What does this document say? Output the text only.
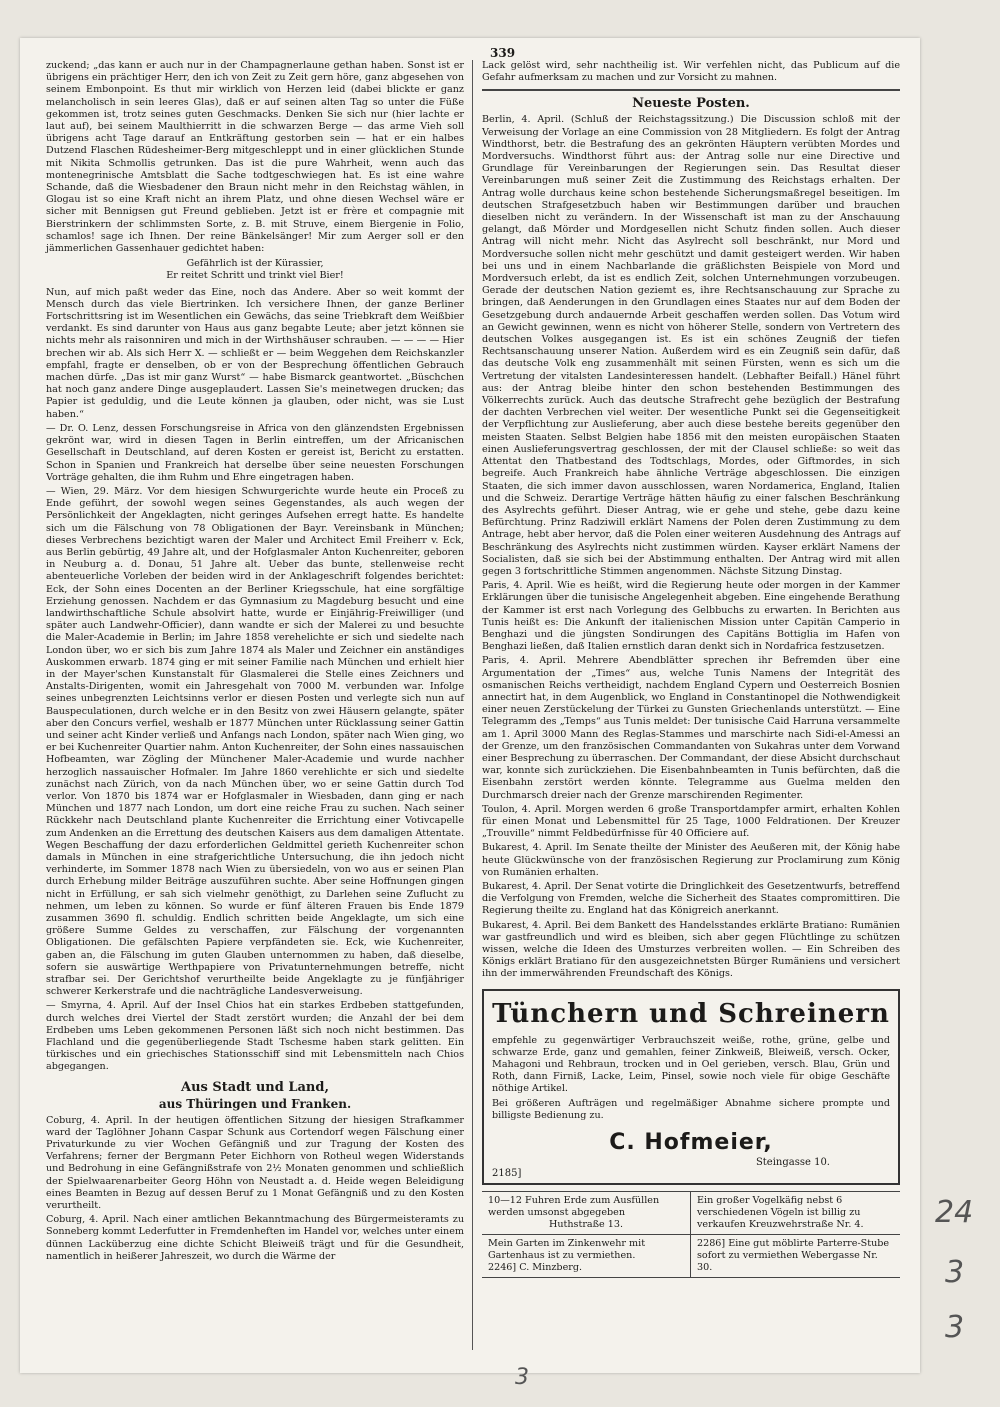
339

zuckend; „das kann er auch nur in der Champagnerlaune gethan haben. Sonst ist er übrigens ein prächtiger Herr, den ich von Zeit zu Zeit gern höre, ganz abgesehen von seinem Embonpoint. Es thut mir wirklich von Herzen leid (dabei blickte er ganz melancholisch in sein leeres Glas), daß er auf seinen alten Tag so unter die Füße gekommen ist, trotz seines guten Geschmacks. Denken Sie sich nur (hier lachte er laut auf), bei seinem Maulthierritt in die schwarzen Berge — das arme Vieh soll übrigens acht Tage darauf an Entkräftung gestorben sein — hat er ein halbes Dutzend Flaschen Rüdesheimer-Berg mitgeschleppt und in einer glücklichen Stunde mit Nikita Schmollis getrunken. Das ist die pure Wahrheit, wenn auch das montenegrinische Amtsblatt die Sache todtgeschwiegen hat. Es ist eine wahre Schande, daß die Wiesbadener den Braun nicht mehr in den Reichstag wählen, in Glogau ist so eine Kraft nicht an ihrem Platz, und ohne diesen Wechsel wäre er sicher mit Bennigsen gut Freund geblieben. Jetzt ist er frère et compagnie mit Bierstrinkern der schlimmsten Sorte, z. B. mit Struve, einem Biergenie in Folio, schamlos! sage ich Ihnen. Der reine Bänkelsänger! Mir zum Aerger soll er den jämmerlichen Gassenhauer gedichtet haben:

Gefährlich ist der Kürassier,
Er reitet Schritt und trinkt viel Bier!

Nun, auf mich paßt weder das Eine, noch das Andere. Aber so weit kommt der Mensch durch das viele Biertrinken. Ich versichere Ihnen, der ganze Berliner Fortschrittsring ist im Wesentlichen ein Gewächs, das seine Triebkraft dem Weißbier verdankt. Es sind darunter von Haus aus ganz begabte Leute; aber jetzt können sie nichts mehr als raisonniren und mich in der Wirthshäuser schrauben. — — — — Hier brechen wir ab. Als sich Herr X. — schließt er — beim Weggehen dem Reichskanzler empfahl, fragte er denselben, ob er von der Besprechung öffentlichen Gebrauch machen dürfe. „Das ist mir ganz Wurst“ — habe Bismarck geantwortet. „Büschchen hat noch ganz andere Dinge ausgeplaudert. Lassen Sie's meinetwegen drucken; das Papier ist geduldig, und die Leute können ja glauben, oder nicht, was sie Lust haben.“

— Dr. O. Lenz, dessen Forschungsreise in Africa von den glänzendsten Ergebnissen gekrönt war, wird in diesen Tagen in Berlin eintreffen, um der Africanischen Gesellschaft in Deutschland, auf deren Kosten er gereist ist, Bericht zu erstatten. Schon in Spanien und Frankreich hat derselbe über seine neuesten Forschungen Vorträge gehalten, die ihm Ruhm und Ehre eingetragen haben.

— Wien, 29. März. Vor dem hiesigen Schwurgerichte wurde heute ein Proceß zu Ende geführt, der sowohl wegen seines Gegenstandes, als auch wegen der Persönlichkeit der Angeklagten, nicht geringes Aufsehen erregt hatte. Es handelte sich um die Fälschung von 78 Obligationen der Bayr. Vereinsbank in München; dieses Verbrechens bezichtigt waren der Maler und Architect Emil Freiherr v. Eck, aus Berlin gebürtig, 49 Jahre alt, und der Hofglasmaler Anton Kuchenreiter, geboren in Neuburg a. d. Donau, 51 Jahre alt. Ueber das bunte, stellenweise recht abenteuerliche Vorleben der beiden wird in der Anklageschrift folgendes berichtet: Eck, der Sohn eines Docenten an der Berliner Kriegsschule, hat eine sorgfältige Erziehung genossen. Nachdem er das Gymnasium zu Magdeburg besucht und eine landwirthschaftliche Schule absolvirt hatte, wurde er Einjährig-Freiwilliger (und später auch Landwehr-Officier), dann wandte er sich der Malerei zu und besuchte die Maler-Academie in Berlin; im Jahre 1858 verehelichte er sich und siedelte nach London über, wo er sich bis zum Jahre 1874 als Maler und Zeichner ein anständiges Auskommen erwarb. 1874 ging er mit seiner Familie nach München und erhielt hier in der Mayer'schen Kunstanstalt für Glasmalerei die Stelle eines Zeichners und Anstalts-Dirigenten, womit ein Jahresgehalt von 7000 M. verbunden war. Infolge seines unbegrenzten Leichtsinns verlor er diesen Posten und verlegte sich nun auf Bauspeculationen, durch welche er in den Besitz von zwei Häusern gelangte, später aber den Concurs verfiel, weshalb er 1877 München unter Rücklassung seiner Gattin und seiner acht Kinder verließ und Anfangs nach London, später nach Wien ging, wo er bei Kuchenreiter Quartier nahm. Anton Kuchenreiter, der Sohn eines nassauischen Hofbeamten, war Zögling der Münchener Maler-Academie und wurde nachher herzoglich nassauischer Hofmaler. Im Jahre 1860 verehlichte er sich und siedelte zunächst nach Zürich, von da nach München über, wo er seine Gattin durch Tod verlor. Von 1870 bis 1874 war er Hofglasmaler in Wiesbaden, dann ging er nach München und 1877 nach London, um dort eine reiche Frau zu suchen. Nach seiner Rückkehr nach Deutschland plante Kuchenreiter die Errichtung einer Votivcapelle zum Andenken an die Errettung des deutschen Kaisers aus dem damaligen Attentate. Wegen Beschaffung der dazu erforderlichen Geldmittel gerieth Kuchenreiter schon damals in München in eine strafgerichtliche Untersuchung, die ihn jedoch nicht verhinderte, im Sommer 1878 nach Wien zu übersiedeln, von wo aus er seinen Plan durch Erhebung milder Beiträge auszuführen suchte. Aber seine Hoffnungen gingen nicht in Erfüllung, er sah sich vielmehr genöthigt, zu Darlehen seine Zuflucht zu nehmen, um leben zu können. So wurde er fünf älteren Frauen bis Ende 1879 zusammen 3690 fl. schuldig. Endlich schritten beide Angeklagte, um sich eine größere Summe Geldes zu verschaffen, zur Fälschung der vorgenannten Obligationen. Die gefälschten Papiere verpfändeten sie. Eck, wie Kuchenreiter, gaben an, die Fälschung im guten Glauben unternommen zu haben, daß dieselbe, sofern sie auswärtige Werthpapiere von Privatunternehmungen betreffe, nicht strafbar sei. Der Gerichtshof verurtheilte beide Angeklagte zu je fünfjähriger schwerer Kerkerstrafe und die nachträgliche Landesverweisung.

— Smyrna, 4. April. Auf der Insel Chios hat ein starkes Erdbeben stattgefunden, durch welches drei Viertel der Stadt zerstört wurden; die Anzahl der bei dem Erdbeben ums Leben gekommenen Personen läßt sich noch nicht bestimmen. Das Flachland und die gegenüberliegende Stadt Tschesme haben stark gelitten. Ein türkisches und ein griechisches Stationsschiff sind mit Lebensmitteln nach Chios abgegangen.

Aus Stadt und Land,
aus Thüringen und Franken.

Coburg, 4. April. In der heutigen öffentlichen Sitzung der hiesigen Strafkammer ward der Taglöhner Johann Caspar Schunk aus Cortendorf wegen Fälschung einer Privaturkunde zu vier Wochen Gefängniß und zur Tragung der Kosten des Verfahrens; ferner der Bergmann Peter Eichhorn von Rotheul wegen Widerstands und Bedrohung in eine Gefängnißstrafe von 2½ Monaten genommen und schließlich der Spielwaarenarbeiter Georg Höhn von Neustadt a. d. Heide wegen Beleidigung eines Beamten in Bezug auf dessen Beruf zu 1 Monat Gefängniß und zu den Kosten verurtheilt.

Coburg, 4. April. Nach einer amtlichen Bekanntmachung des Bürgermeisteramts zu Sonneberg kommt Lederfutter in Fremdenheften im Handel vor, welches unter einem dünnen Lacküberzug eine dichte Schicht Bleiweiß trägt und für die Gesundheit, namentlich in heißerer Jahreszeit, wo durch die Wärme der

Lack gelöst wird, sehr nachtheilig ist. Wir verfehlen nicht, das Publicum auf die Gefahr aufmerksam zu machen und zur Vorsicht zu mahnen.

Neueste Posten.

Berlin, 4. April. (Schluß der Reichstagssitzung.) Die Discussion schloß mit der Verweisung der Vorlage an eine Commission von 28 Mitgliedern. Es folgt der Antrag Windthorst, betr. die Bestrafung des an gekrönten Häuptern verübten Mordes und Mordversuchs. Windthorst führt aus: der Antrag solle nur eine Directive und Grundlage für Vereinbarungen der Regierungen sein. Das Resultat dieser Vereinbarungen muß seiner Zeit die Zustimmung des Reichstags erhalten. Der Antrag wolle durchaus keine schon bestehende Sicherungsmaßregel beseitigen. Im deutschen Strafgesetzbuch haben wir Bestimmungen darüber und brauchen dieselben nicht zu verändern. In der Wissenschaft ist man zu der Anschauung gelangt, daß Mörder und Mordgesellen nicht Schutz finden sollen. Auch dieser Antrag will nicht mehr. Nicht das Asylrecht soll beschränkt, nur Mord und Mordversuche sollen nicht mehr geschützt und damit gesteigert werden. Wir haben bei uns und in einem Nachbarlande die gräßlichsten Beispiele von Mord und Mordversuch erlebt, da ist es endlich Zeit, solchen Unternehmungen vorzubeugen. Gerade der deutschen Nation geziemt es, ihre Rechtsanschauung zur Sprache zu bringen, daß Aenderungen in den Grundlagen eines Staates nur auf dem Boden der Gesetzgebung durch andauernde Arbeit geschaffen werden sollen. Das Votum wird an Gewicht gewinnen, wenn es nicht von höherer Stelle, sondern von Vertretern des deutschen Volkes ausgegangen ist. Es ist ein schönes Zeugniß der tiefen Rechtsanschauung unserer Nation. Außerdem wird es ein Zeugniß sein dafür, daß das deutsche Volk eng zusammenhält mit seinen Fürsten, wenn es sich um die Vertretung der vitalsten Landesinteressen handelt. (Lebhafter Beifall.) Hänel führt aus: der Antrag bleibe hinter den schon bestehenden Bestimmungen des Völkerrechts zurück. Auch das deutsche Strafrecht gehe bezüglich der Bestrafung der dachten Verbrechen viel weiter. Der wesentliche Punkt sei die Gegenseitigkeit der Verpflichtung zur Auslieferung, aber auch diese bestehe bereits gegenüber den meisten Staaten. Selbst Belgien habe 1856 mit den meisten europäischen Staaten einen Auslieferungsvertrag geschlossen, der mit der Clausel schließe: so weit das Attentat den Thatbestand des Todtschlags, Mordes, oder Giftmordes, in sich begreife. Auch Frankreich habe ähnliche Verträge abgeschlossen. Die einzigen Staaten, die sich immer davon ausschlossen, waren Nordamerica, England, Italien und die Schweiz. Derartige Verträge hätten häufig zu einer falschen Beschränkung des Asylrechts geführt. Dieser Antrag, wie er gehe und stehe, gebe dazu keine Befürchtung. Prinz Radziwill erklärt Namens der Polen deren Zustimmung zu dem Antrage, hebt aber hervor, daß die Polen einer weiteren Ausdehnung des Antrags auf Beschränkung des Asylrechts nicht zustimmen würden. Kayser erklärt Namens der Socialisten, daß sie sich bei der Abstimmung enthalten. Der Antrag wird mit allen gegen 3 fortschrittliche Stimmen angenommen. Nächste Sitzung Dinstag.

Paris, 4. April. Wie es heißt, wird die Regierung heute oder morgen in der Kammer Erklärungen über die tunisische Angelegenheit abgeben. Eine eingehende Berathung der Kammer ist erst nach Vorlegung des Gelbbuchs zu erwarten. In Berichten aus Tunis heißt es: Die Ankunft der italienischen Mission unter Capitän Camperio in Benghazi und die jüngsten Sondirungen des Capitäns Bottiglia im Hafen von Benghazi ließen, daß Italien ernstlich daran denkt sich in Nordafrica festzusetzen.

Paris, 4. April. Mehrere Abendblätter sprechen ihr Befremden über eine Argumentation der „Times“ aus, welche Tunis Namens der Integrität des osmanischen Reichs vertheidigt, nachdem England Cypern und Oesterreich Bosnien annectirt hat, in dem Augenblick, wo England in Constantinopel die Nothwendigkeit einer neuen Zerstückelung der Türkei zu Gunsten Griechenlands unterstützt. — Eine Telegramm des „Temps“ aus Tunis meldet: Der tunisische Caid Harruna versammelte am 1. April 3000 Mann des Reglas-Stammes und marschirte nach Sidi-el-Amessi an der Grenze, um den französischen Commandanten von Sukahras unter dem Vorwand einer Besprechung zu überraschen. Der Commandant, der diese Absicht durchschaut war, konnte sich zurückziehen. Die Eisenbahnbeamten in Tunis befürchten, daß die Eisenbahn zerstört werden könnte. Telegramme aus Guelma melden den Durchmarsch dreier nach der Grenze marschirenden Regimenter.

Toulon, 4. April. Morgen werden 6 große Transportdampfer armirt, erhalten Kohlen für einen Monat und Lebensmittel für 25 Tage, 1000 Feldrationen. Der Kreuzer „Trouville“ nimmt Feldbedürfnisse für 40 Officiere auf.

Bukarest, 4. April. Im Senate theilte der Minister des Aeußeren mit, der König habe heute Glückwünsche von der französischen Regierung zur Proclamirung zum König von Rumänien erhalten.

Bukarest, 4. April. Der Senat votirte die Dringlichkeit des Gesetzentwurfs, betreffend die Verfolgung von Fremden, welche die Sicherheit des Staates compromittiren. Die Regierung theilte zu. England hat das Königreich anerkannt.

Bukarest, 4. April. Bei dem Bankett des Handelsstandes erklärte Bratiano: Rumänien war gastfreundlich und wird es bleiben, sich aber gegen Flüchtlinge zu schützen wissen, welche die Ideen des Umsturzes verbreiten wollen. — Ein Schreiben des Königs erklärt Bratiano für den ausgezeichnetsten Bürger Rumäniens und versichert ihn der immerwährenden Freundschaft des Königs.

Tünchern und Schreinern

empfehle zu gegenwärtiger Verbrauchszeit weiße, rothe, grüne, gelbe und schwarze Erde, ganz und gemahlen, feiner Zinkweiß, Bleiweiß, versch. Ocker, Mahagoni und Rehbraun, trocken und in Oel gerieben, versch. Blau, Grün und Roth, dann Firniß, Lacke, Leim, Pinsel, sowie noch viele für obige Geschäfte nöthige Artikel.

Bei größeren Aufträgen und regelmäßiger Abnahme sichere prompte und billigste Bedienung zu.

C. Hofmeier,
Steingasse 10.
2185]
10—12 Fuhren Erde zum Ausfüllen werden umsonst abgegeben
Huthstraße 13.
Ein großer Vogelkäfig nebst 6 verschiedenen Vögeln ist billig zu verkaufen Kreuzwehrstraße Nr. 4.
Mein Garten im Zinkenwehr mit Gartenhaus ist zu vermiethen.
2246] C. Minzberg.
2286] Eine gut möblirte Parterre-Stube sofort zu vermiethen Webergasse Nr. 30.
24
3
3
3
